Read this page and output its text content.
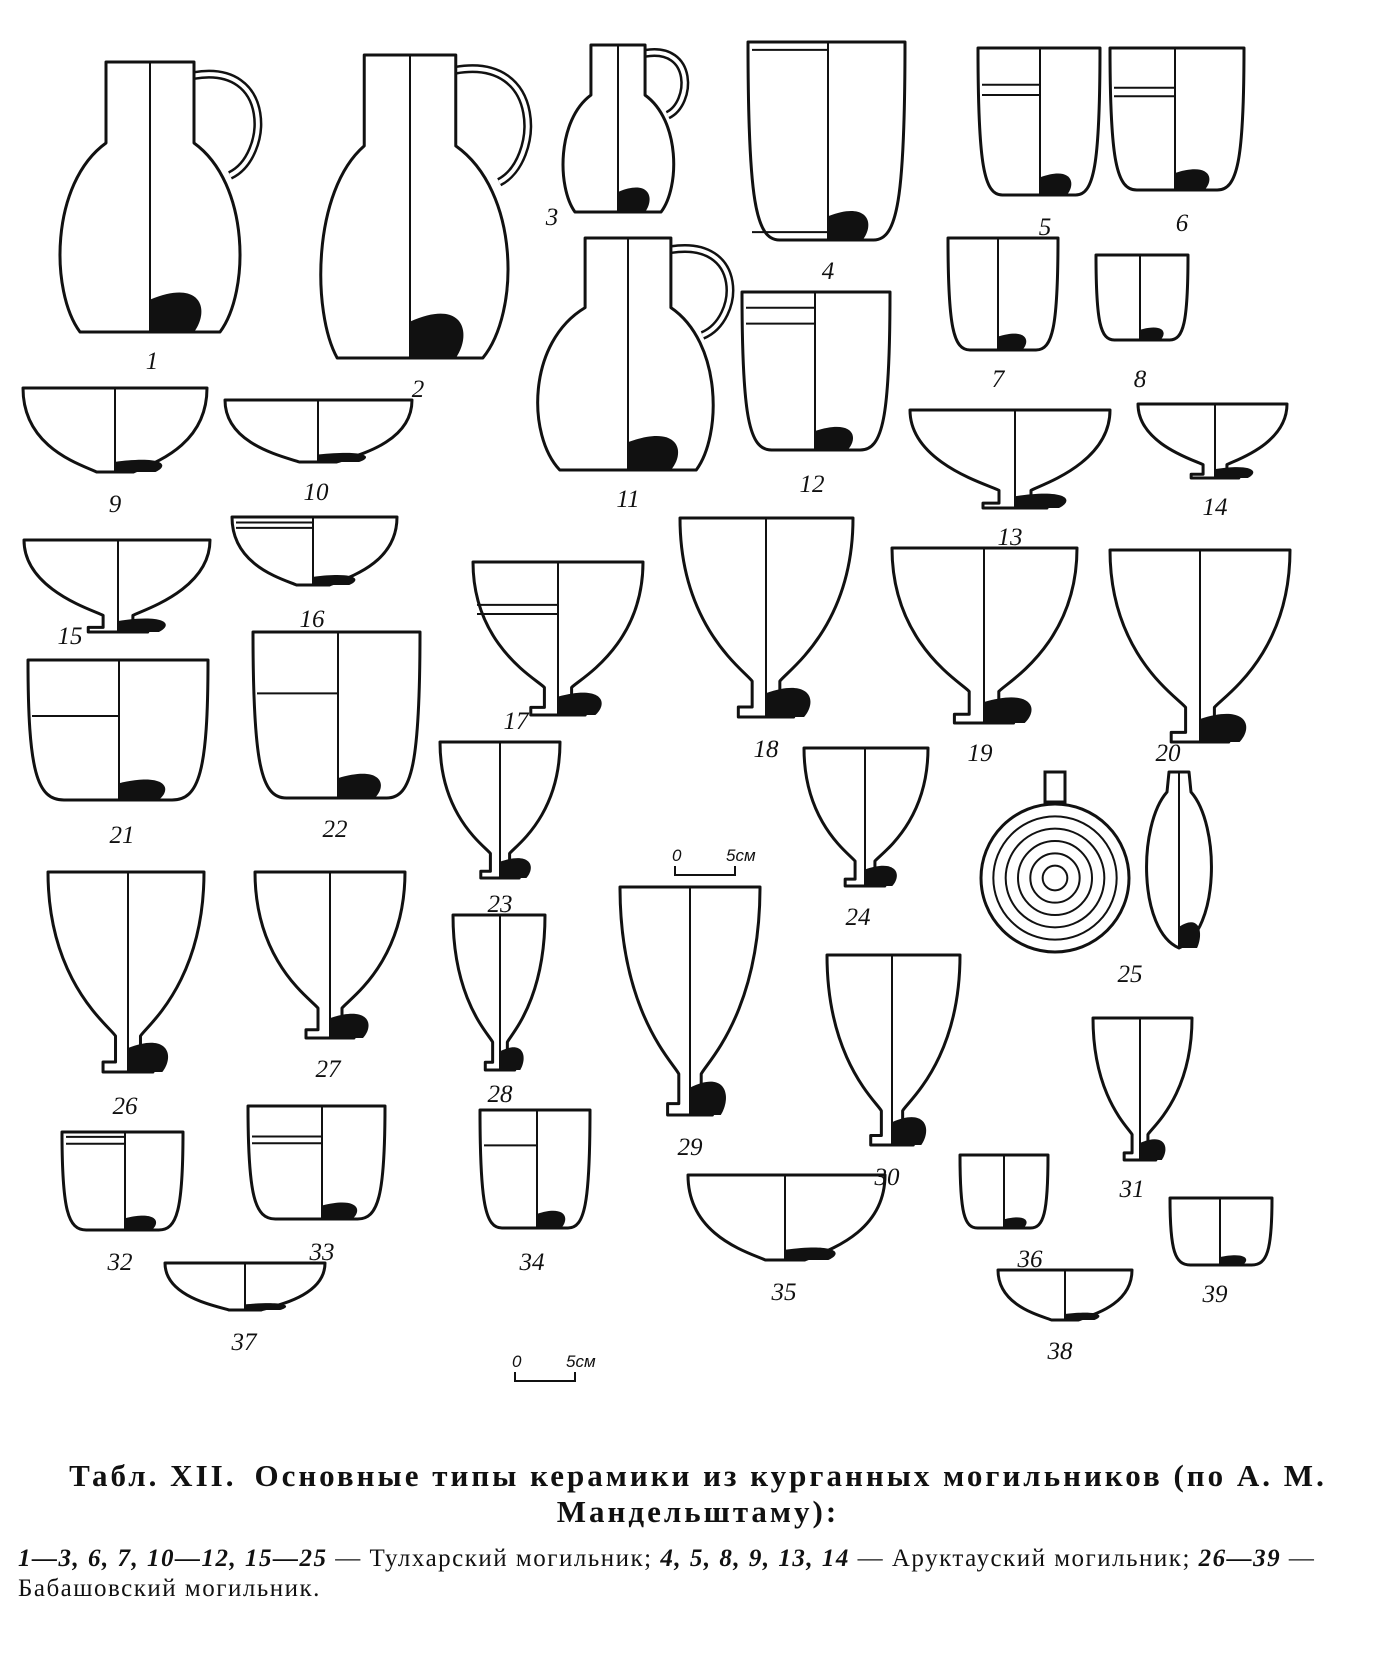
1
2
3
4
5	6
7	8
9	10	11
12
13
14
15
16
17
18	19	20
21	22
23	24
25
26
27
28
29
30	31
32	33	34
35
36
37	38
39
0	5см
0	5см

Табл. XII. Основные типы керамики из курганных могильников (по А. М. Мандельштаму):

1—3, 6, 7, 10—12, 15—25 — Тулхарский могильник; 4, 5, 8, 9, 13, 14 — Аруктауский могильник; 26—39 — Бабашовский могильник.
